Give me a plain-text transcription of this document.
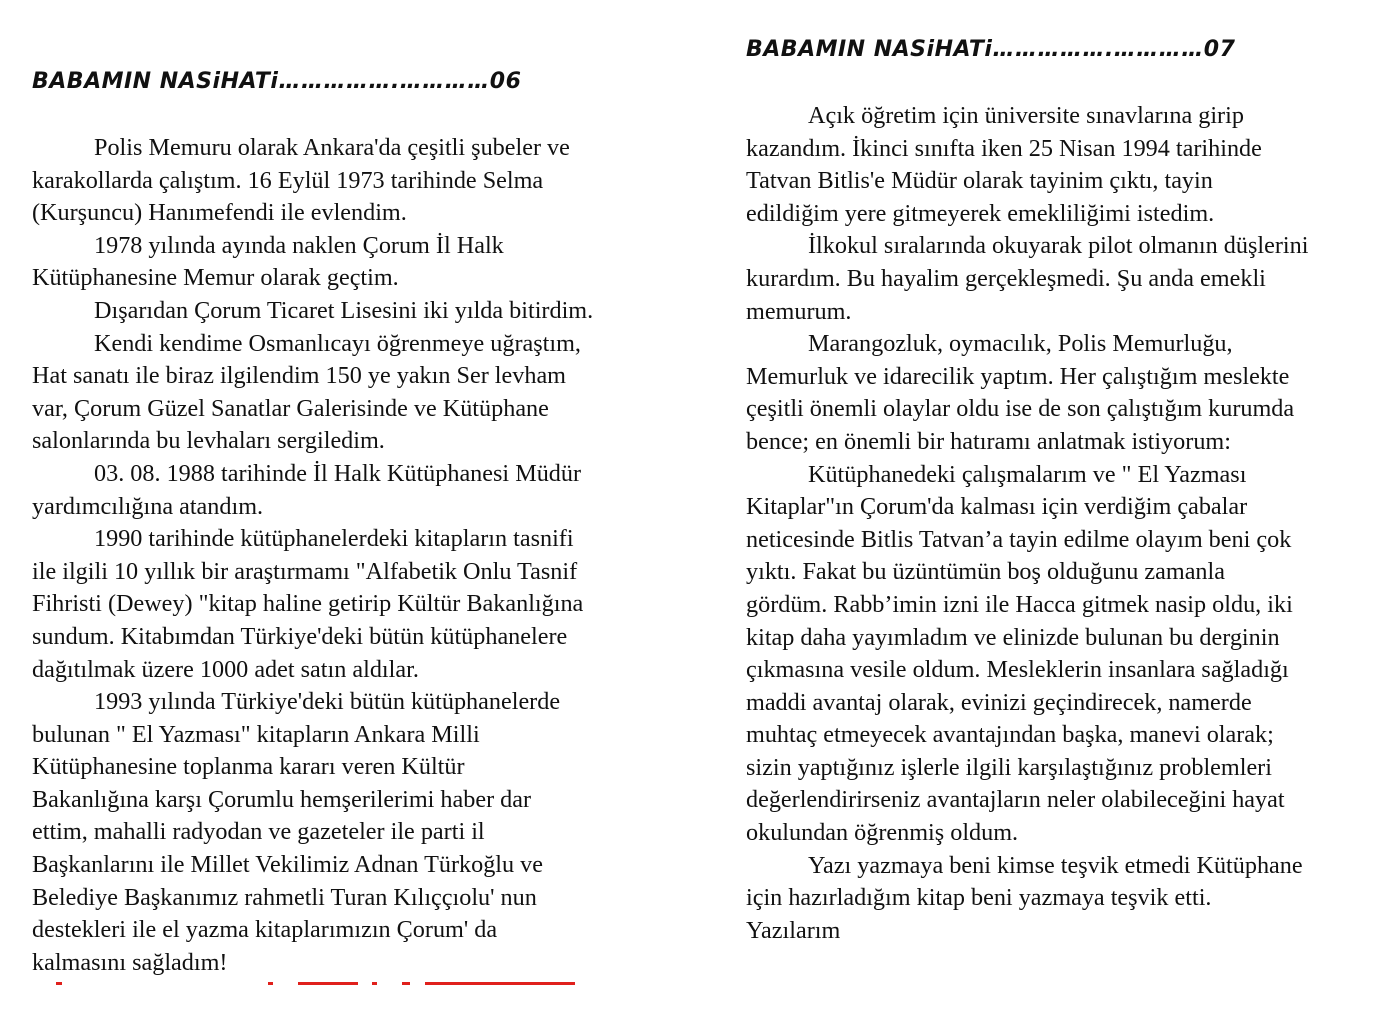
BABAMIN NASiHATi…………….…………06
Polis Memuru olarak Ankara'da çeşitli şubeler ve
karakollarda çalıştım. 16 Eylül 1973 tarihinde Selma
(Kurşuncu) Hanımefendi ile evlendim.
1978 yılında ayında naklen Çorum İl Halk
Kütüphanesine Memur olarak geçtim.
Dışarıdan Çorum Ticaret Lisesini iki yılda bitirdim.
Kendi kendime Osmanlıcayı öğrenmeye uğraştım,
Hat sanatı ile biraz ilgilendim 150 ye yakın Ser levham
var, Çorum Güzel Sanatlar Galerisinde ve Kütüphane
salonlarında bu levhaları sergiledim.
03. 08. 1988 tarihinde İl Halk Kütüphanesi Müdür
yardımcılığına atandım.
1990 tarihinde kütüphanelerdeki kitapların tasnifi
ile ilgili 10 yıllık bir araştırmamı "Alfabetik Onlu Tasnif
Fihristi (Dewey) "kitap haline getirip Kültür Bakanlığına
sundum. Kitabımdan Türkiye'deki bütün kütüphanelere
dağıtılmak üzere 1000 adet satın aldılar.
1993 yılında Türkiye'deki bütün kütüphanelerde
bulunan " El Yazması" kitapların Ankara Milli
Kütüphanesine toplanma kararı veren Kültür
Bakanlığına karşı Çorumlu hemşerilerimi haber dar
ettim, mahalli radyodan ve gazeteler ile parti il
Başkanlarını ile Millet Vekilimiz Adnan Türkoğlu ve
Belediye Başkanımız rahmetli Turan Kılıççıolu' nun
destekleri ile el yazma kitaplarımızın Çorum' da
kalmasını sağladım!
BABAMIN NASiHATi…………….…………07
Açık öğretim için üniversite sınavlarına girip
kazandım. İkinci sınıfta iken 25 Nisan 1994 tarihinde
Tatvan Bitlis'e Müdür olarak tayinim çıktı, tayin
edildiğim yere gitmeyerek emekliliğimi istedim.
İlkokul sıralarında okuyarak pilot olmanın düşlerini
kurardım. Bu hayalim gerçekleşmedi. Şu anda emekli
memurum.
Marangozluk, oymacılık, Polis Memurluğu,
Memurluk ve idarecilik yaptım. Her çalıştığım meslekte
çeşitli önemli olaylar oldu ise de son çalıştığım kurumda
bence; en önemli bir hatıramı anlatmak istiyorum:
Kütüphanedeki çalışmalarım ve " El Yazması
Kitaplar"ın Çorum'da kalması için verdiğim çabalar
neticesinde Bitlis Tatvan’a tayin edilme olayım beni çok
yıktı. Fakat bu üzüntümün boş olduğunu zamanla
gördüm. Rabb’imin izni ile Hacca gitmek nasip oldu, iki
kitap daha yayımladım ve elinizde bulunan bu derginin
çıkmasına vesile oldum. Mesleklerin insanlara sağladığı
maddi avantaj olarak, evinizi geçindirecek, namerde
muhtaç etmeyecek avantajından başka, manevi olarak;
sizin yaptığınız işlerle ilgili karşılaştığınız problemleri
değerlendirirseniz avantajların neler olabileceğini hayat
okulundan öğrenmiş oldum.
Yazı yazmaya beni kimse teşvik etmedi Kütüphane
için hazırladığım kitap beni yazmaya teşvik etti.
Yazılarım
